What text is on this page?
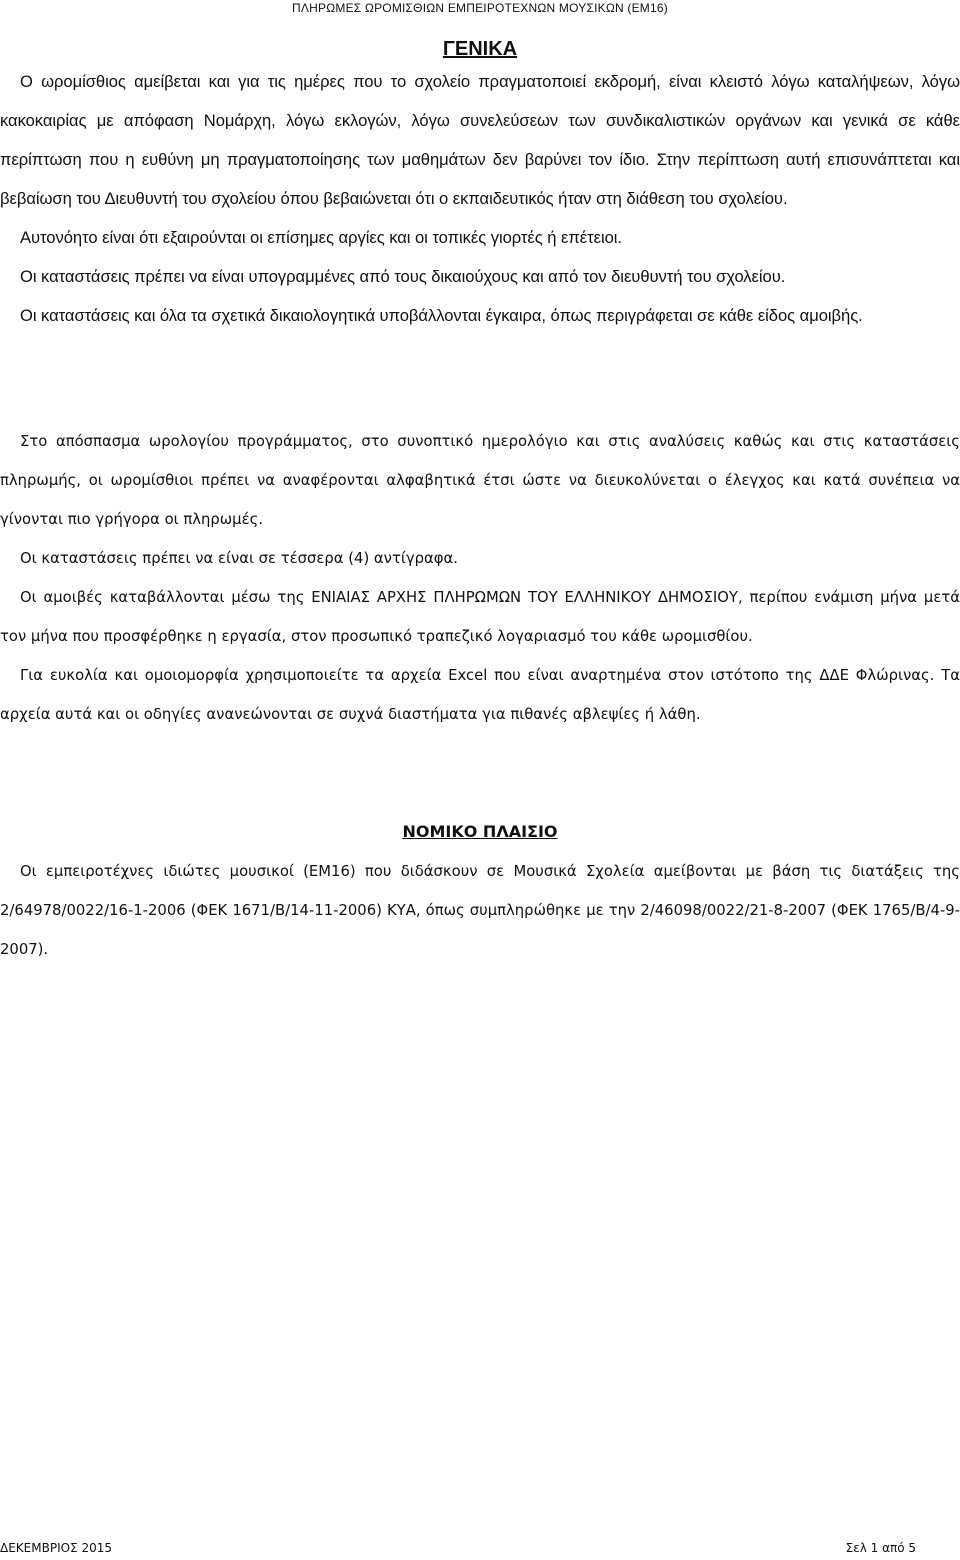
ΠΛΗΡΩΜΕΣ ΩΡΟΜΙΣΘΙΩΝ ΕΜΠΕΙΡΟΤΕΧΝΩΝ ΜΟΥΣΙΚΩΝ (ΕΜ16)
ΓΕΝΙΚΑ

Ο ωρομίσθιος αμείβεται και για τις ημέρες που το σχολείο πραγματοποιεί εκδρομή, είναι κλειστό λόγω καταλήψεων, λόγω κακοκαιρίας με απόφαση Νομάρχη, λόγω εκλογών, λόγω συνελεύσεων των συνδικαλιστικών οργάνων και γενικά σε κάθε περίπτωση που η ευθύνη μη πραγματοποίησης των μαθημάτων δεν βαρύνει τον ίδιο. Στην περίπτωση αυτή επισυνάπτεται και βεβαίωση του Διευθυντή του σχολείου όπου βεβαιώνεται ότι ο εκπαιδευτικός ήταν στη διάθεση του σχολείου.

Αυτονόητο είναι ότι εξαιρούνται οι επίσημες αργίες και οι τοπικές γιορτές ή επέτειοι.

Οι καταστάσεις πρέπει να είναι υπογραμμένες από τους δικαιούχους και από τον διευθυντή του σχολείου.

Οι καταστάσεις και όλα τα σχετικά δικαιολογητικά υποβάλλονται έγκαιρα, όπως περιγράφεται σε κάθε είδος αμοιβής.

Στο απόσπασμα ωρολογίου προγράμματος, στο συνοπτικό ημερολόγιο και στις αναλύσεις καθώς και στις καταστάσεις πληρωμής, οι ωρομίσθιοι πρέπει να αναφέρονται αλφαβητικά έτσι ώστε να διευκολύνεται ο έλεγχος και κατά συνέπεια να γίνονται πιο γρήγορα οι πληρωμές.

Οι καταστάσεις πρέπει να είναι σε τέσσερα (4) αντίγραφα.

Οι αμοιβές καταβάλλονται μέσω της ΕΝΙΑΙΑΣ ΑΡΧΗΣ ΠΛΗΡΩΜΩΝ ΤΟΥ ΕΛΛΗΝΙΚΟΥ ΔΗΜΟΣΙΟΥ, περίπου ενάμιση μήνα μετά τον μήνα που προσφέρθηκε η εργασία, στον προσωπικό τραπεζικό λογαριασμό του κάθε ωρομισθίου.

Για ευκολία και ομοιομορφία χρησιμοποιείτε τα αρχεία Excel που είναι αναρτημένα στον ιστότοπο της ΔΔΕ Φλώρινας. Τα αρχεία αυτά και οι οδηγίες ανανεώνονται σε συχνά διαστήματα για πιθανές αβλεψίες ή λάθη.

ΝΟΜΙΚΟ ΠΛΑΙΣΙΟ

Οι εμπειροτέχνες ιδιώτες μουσικοί (ΕΜ16) που διδάσκουν σε Μουσικά Σχολεία αμείβονται με βάση τις διατάξεις της 2/64978/0022/16-1-2006 (ΦΕΚ 1671/Β/14-11-2006) ΚΥΑ, όπως συμπληρώθηκε με την 2/46098/0022/21-8-2007 (ΦΕΚ 1765/Β/4-9-2007).

ΔΕΚΕΜΒΡΙΟΣ 2015	Σελ 1 από 5
